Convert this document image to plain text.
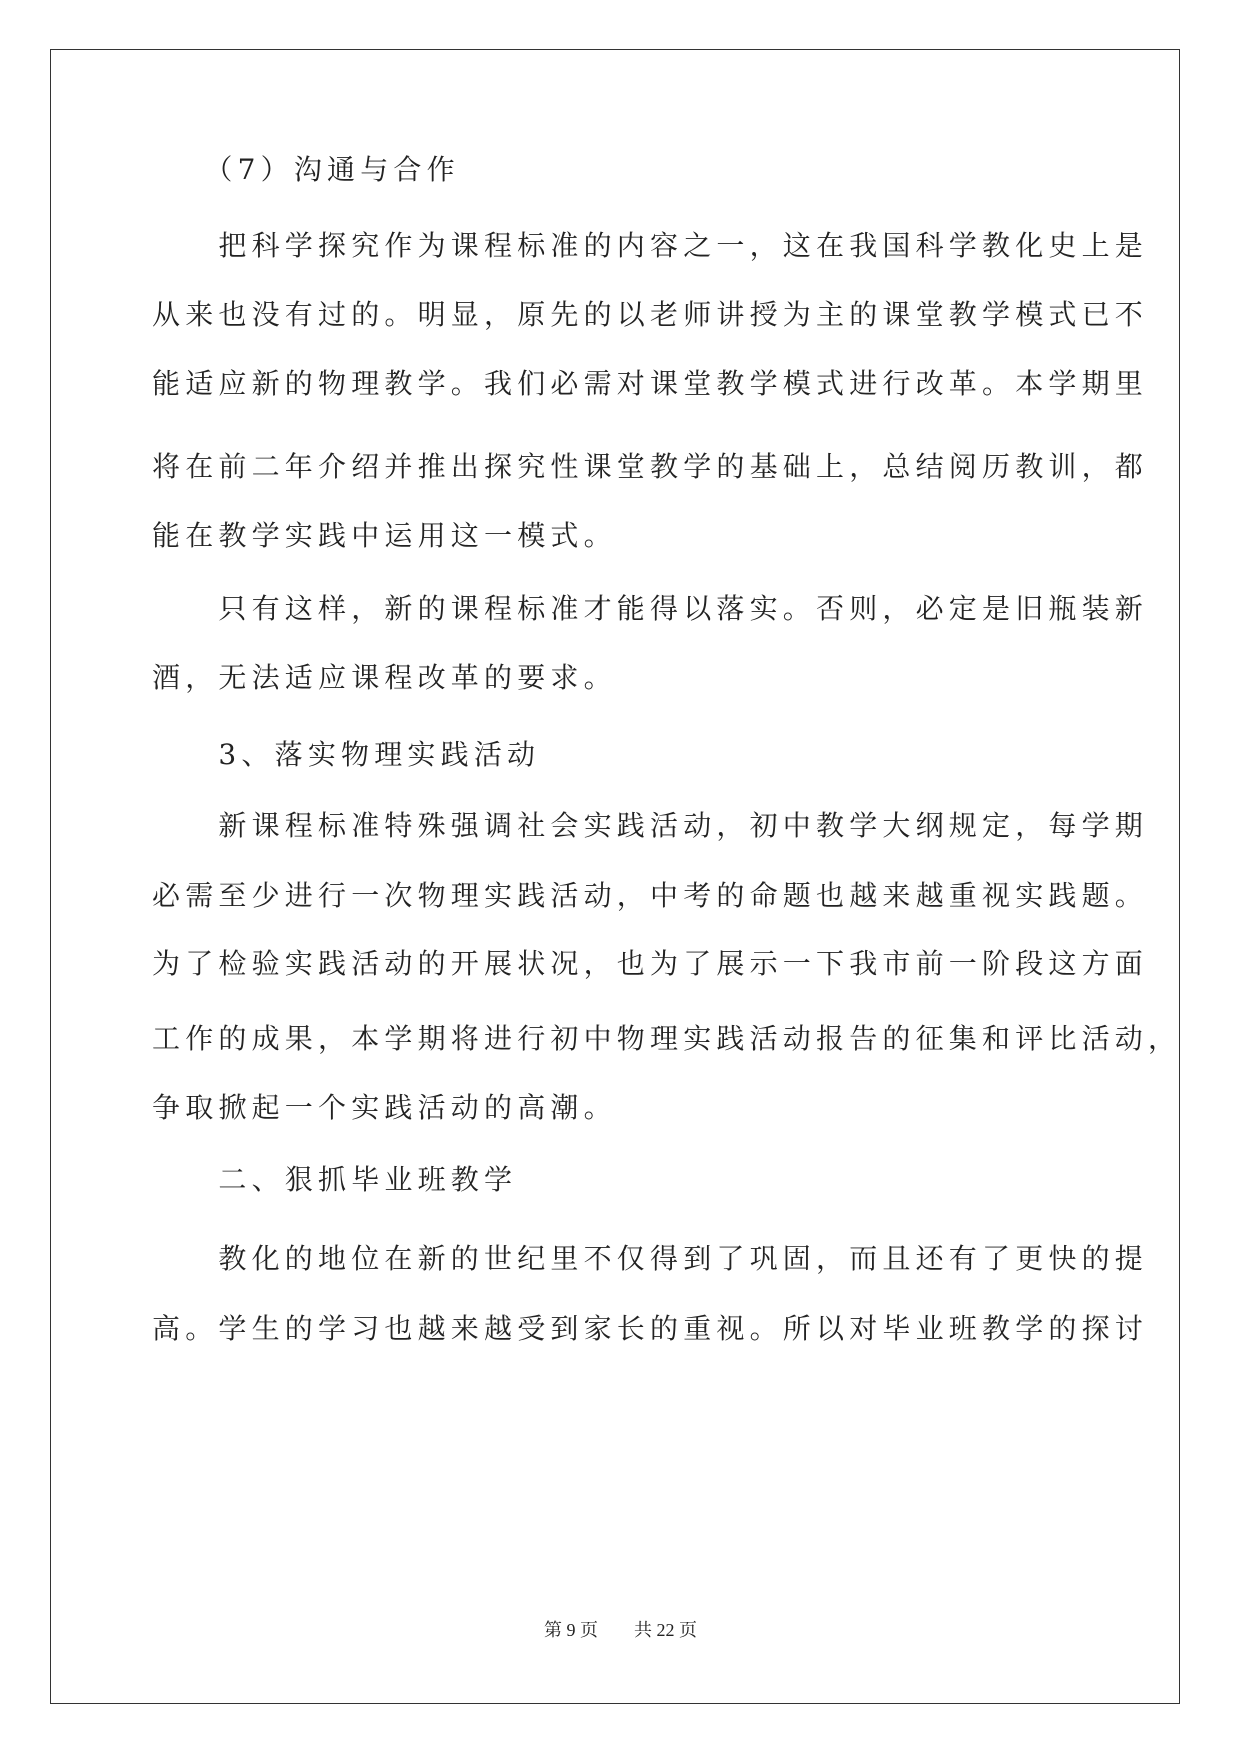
　　（7）沟通与合作
　　把科学探究作为课程标准的内容之一，这在我国科学教化史上是
从来也没有过的。明显，原先的以老师讲授为主的课堂教学模式已不
能适应新的物理教学。我们必需对课堂教学模式进行改革。本学期里
将在前二年介绍并推出探究性课堂教学的基础上，总结阅历教训，都
能在教学实践中运用这一模式。
　　只有这样，新的课程标准才能得以落实。否则，必定是旧瓶装新
酒，无法适应课程改革的要求。
　　3、落实物理实践活动
　　新课程标准特殊强调社会实践活动，初中教学大纲规定，每学期
必需至少进行一次物理实践活动，中考的命题也越来越重视实践题。
为了检验实践活动的开展状况，也为了展示一下我市前一阶段这方面
工作的成果，本学期将进行初中物理实践活动报告的征集和评比活动，
争取掀起一个实践活动的高潮。
　　二、狠抓毕业班教学
　　教化的地位在新的世纪里不仅得到了巩固，而且还有了更快的提
高。学生的学习也越来越受到家长的重视。所以对毕业班教学的探讨
第 9 页　　共 22 页
